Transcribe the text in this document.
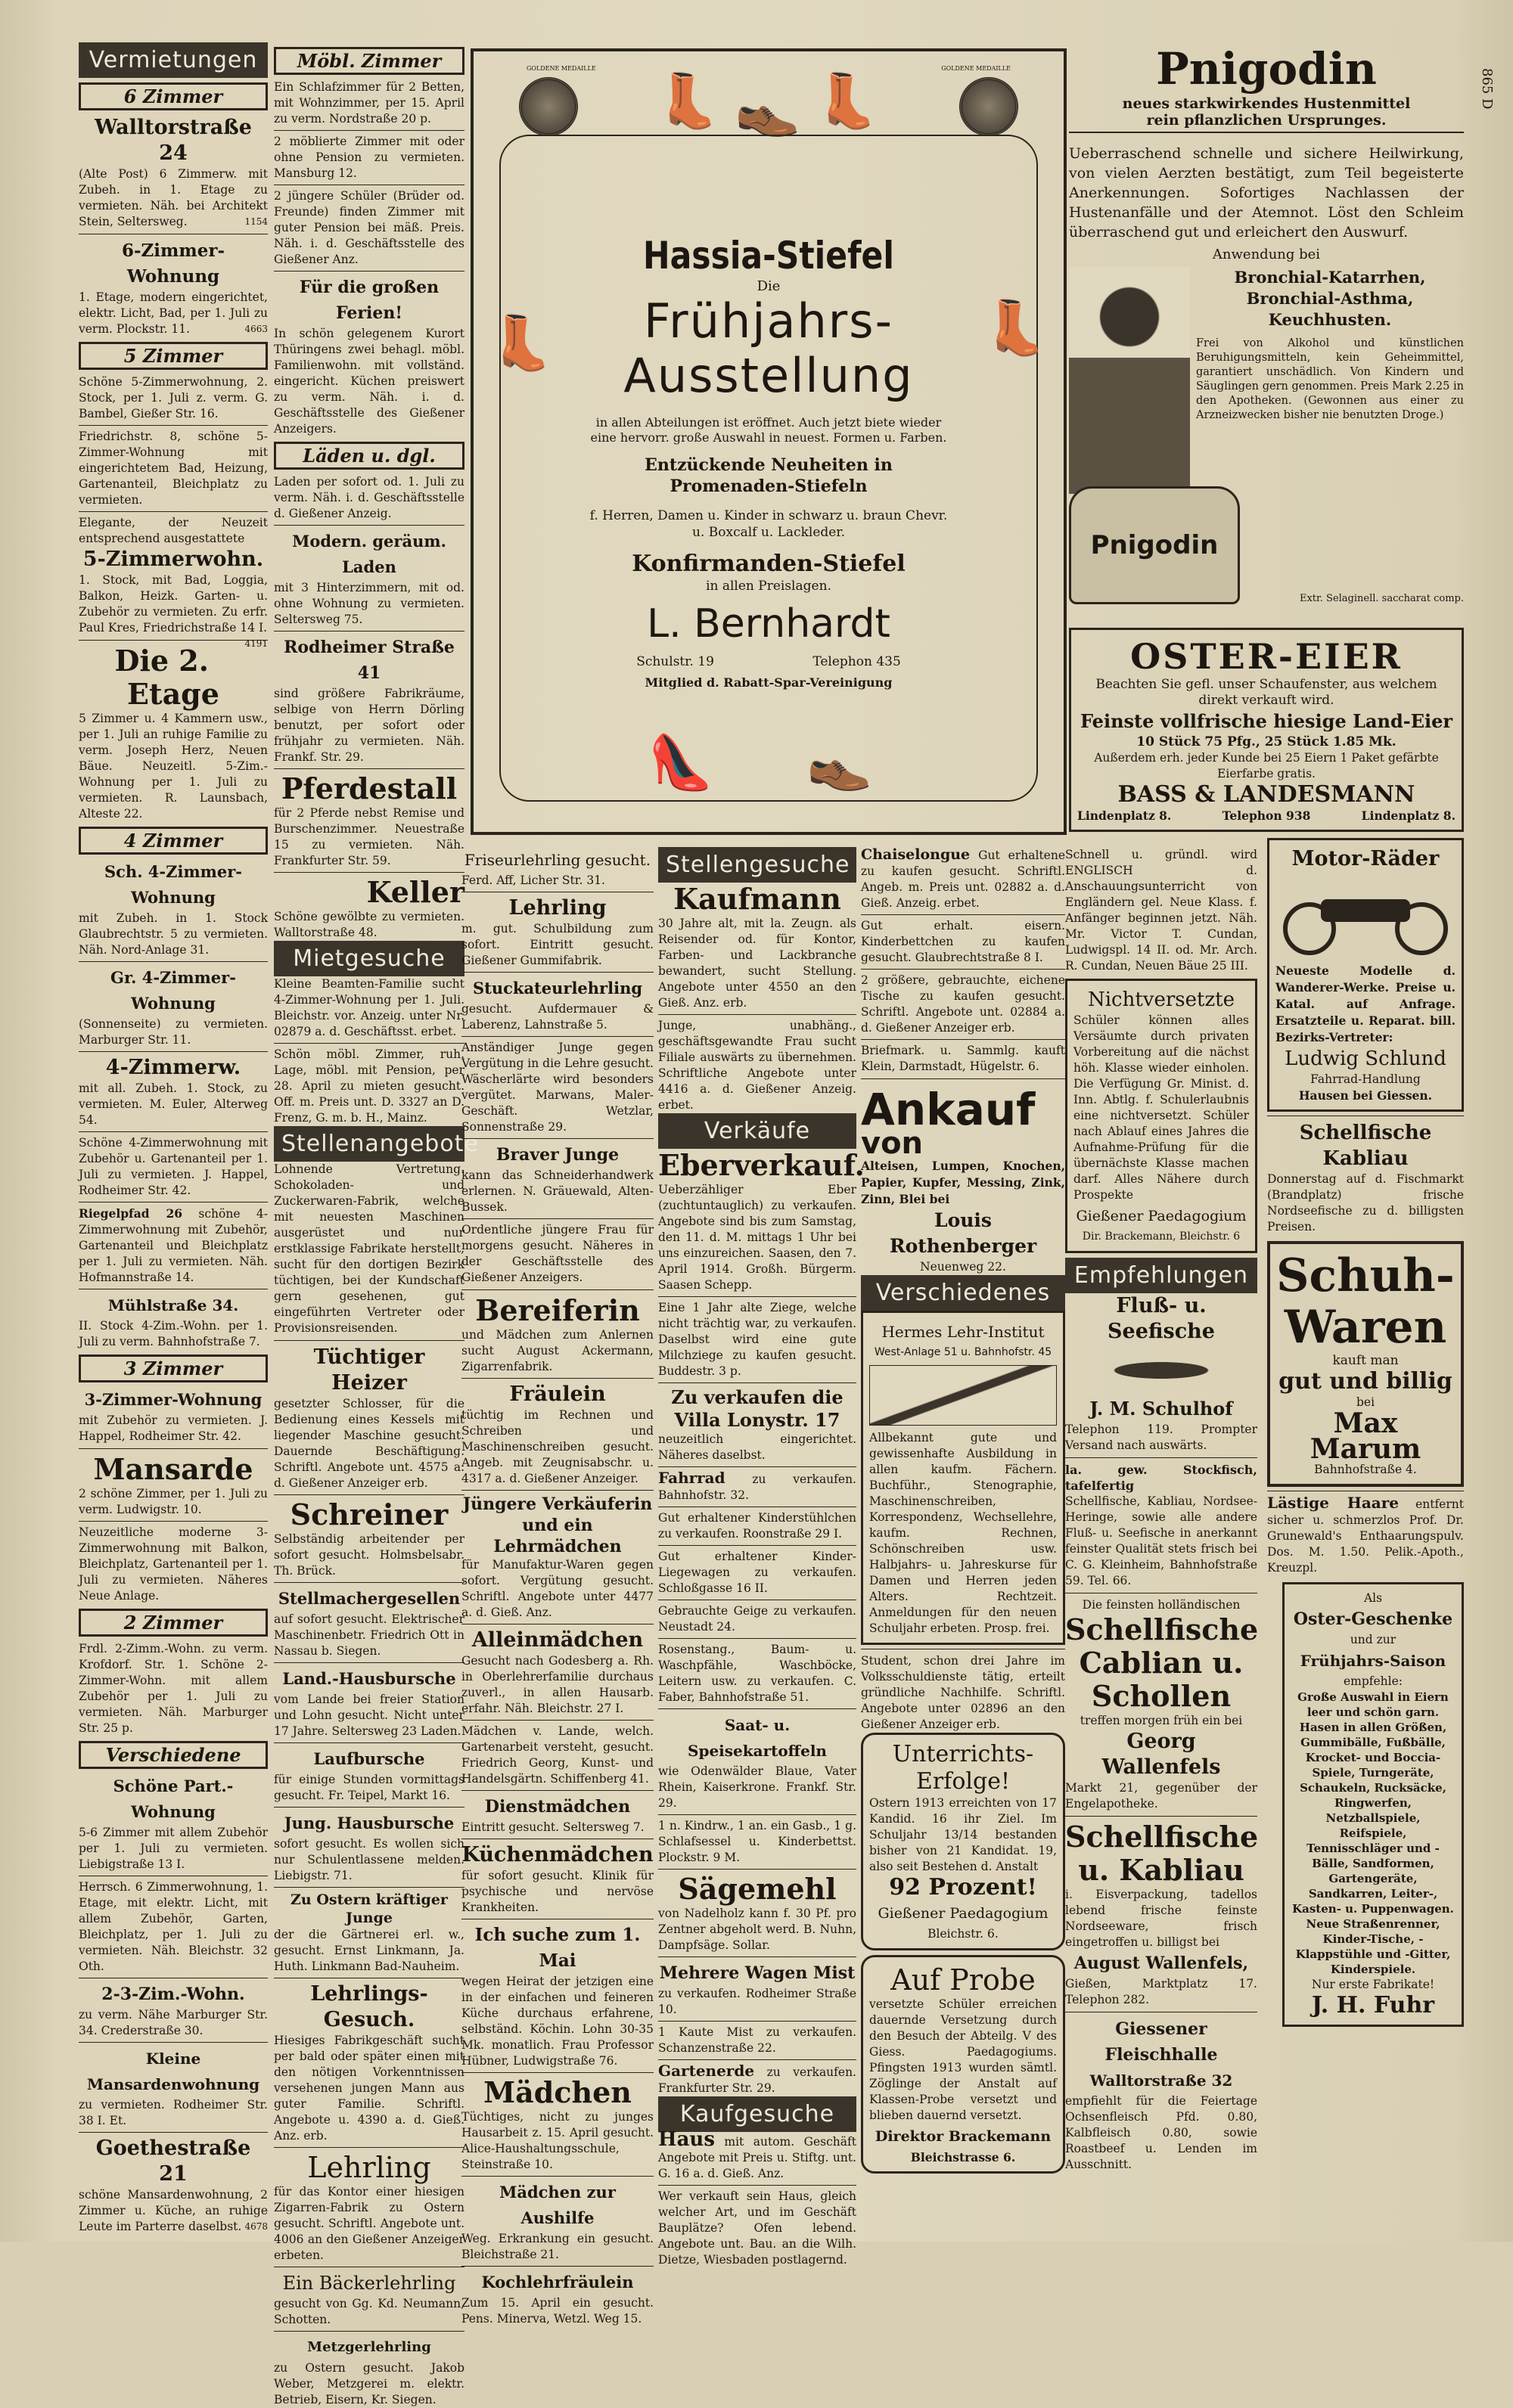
Vermietungen
6 Zimmer
Walltorstraße 24
(Alte Post) 6 Zimmerw. mit Zubeh. in 1. Etage zu vermieten. Näh. bei Architekt Stein, Seltersweg.	1154
6-Zimmer-Wohnung
1. Etage, modern eingerichtet, elektr. Licht, Bad, per 1. Juli zu verm. Plockstr. 11.	4663
5 Zimmer
Schöne 5-Zimmerwohnung, 2. Stock, per 1. Juli z. verm. G. Bambel, Gießer Str. 16.
Friedrichstr. 8, schöne 5-Zimmer-Wohnung mit eingerichtetem Bad, Heizung, Gartenanteil, Bleichplatz zu vermieten.
Elegante, der Neuzeit entsprechend ausgestattete
5-Zimmerwohn.
1. Stock, mit Bad, Loggia, Balkon, Heizk. Garten- u. Zubehör zu vermieten. Zu erfr. Paul Kres, Friedrichstraße 14 I.
4191
Die 2. Etage
5 Zimmer u. 4 Kammern usw., per 1. Juli an ruhige Familie zu verm. Joseph Herz, Neuen Bäue. Neuzeitl. 5-Zim.-Wohnung per 1. Juli zu vermieten. R. Launsbach, Alteste 22.
4 Zimmer
Sch. 4-Zimmer-Wohnung
mit Zubeh. in 1. Stock Glaubrechtstr. 5 zu vermieten. Näh. Nord-Anlage 31.
Gr. 4-Zimmer-Wohnung
(Sonnenseite) zu vermieten. Marburger Str. 11.
4-Zimmerw.
mit all. Zubeh. 1. Stock, zu vermieten. M. Euler, Alterweg 54.
Schöne 4-Zimmerwohnung mit Zubehör u. Gartenanteil per 1. Juli zu vermieten. J. Happel, Rodheimer Str. 42.
Riegelpfad 26 schöne 4-Zimmerwohnung mit Zubehör, Gartenanteil und Bleichplatz per 1. Juli zu vermieten. Näh. Hofmannstraße 14.
Mühlstraße 34.
II. Stock 4-Zim.-Wohn. per 1. Juli zu verm. Bahnhofstraße 7.
3 Zimmer
3-Zimmer-Wohnung
mit Zubehör zu vermieten. J. Happel, Rodheimer Str. 42.
Mansarde
2 schöne Zimmer, per 1. Juli zu verm. Ludwigstr. 10.
Neuzeitliche moderne 3-Zimmerwohnung mit Balkon, Bleichplatz, Gartenanteil per 1. Juli zu vermieten. Näheres Neue Anlage.
2 Zimmer
Frdl. 2-Zimm.-Wohn. zu verm. Krofdorf. Str. 1. Schöne 2-Zimmer-Wohn. mit allem Zubehör per 1. Juli zu vermieten. Näh. Marburger Str. 25 p.
Verschiedene
Schöne Part.-Wohnung
5-6 Zimmer mit allem Zubehör per 1. Juli zu vermieten. Liebigstraße 13 I.
Herrsch. 6 Zimmerwohnung, 1. Etage, mit elektr. Licht, mit allem Zubehör, Garten, Bleichplatz, per 1. Juli zu vermieten. Näh. Bleichstr. 32 Oth.
2-3-Zim.-Wohn.
zu verm. Nähe Marburger Str. 34. Crederstraße 30.
Kleine Mansardenwohnung
zu vermieten. Rodheimer Str. 38 I. Et.
Goethestraße 21
schöne Mansardenwohnung, 2 Zimmer u. Küche, an ruhige Leute im Parterre daselbst. 4678
Möbl. Zimmer
Ein Schlafzimmer für 2 Betten, mit Wohnzimmer, per 15. April zu verm. Nordstraße 20 p.
2 möblierte Zimmer mit oder ohne Pension zu vermieten. Mansburg 12.
2 jüngere Schüler (Brüder od. Freunde) finden Zimmer mit guter Pension bei mäß. Preis. Näh. i. d. Geschäftsstelle des Gießener Anz.
Für die großen Ferien!
In schön gelegenem Kurort Thüringens zwei behagl. möbl. Familienwohn. mit vollständ. eingericht. Küchen preiswert zu verm. Näh. i. d. Geschäftsstelle des Gießener Anzeigers.
Läden u. dgl.
Laden per sofort od. 1. Juli zu verm. Näh. i. d. Geschäftsstelle d. Gießener Anzeig.
Modern. geräum. Laden
mit 3 Hinterzimmern, mit od. ohne Wohnung zu vermieten. Seltersweg 75.
Rodheimer Straße 41
sind größere Fabrikräume, selbige von Herrn Dörling benutzt, per sofort oder frühjahr zu vermieten. Näh. Frankf. Str. 29.
Pferdestall
für 2 Pferde nebst Remise und Burschenzimmer. Neuestraße 15 zu vermieten. Näh. Frankfurter Str. 59.
Keller
Schöne gewölbte zu vermieten. Walltorstraße 48.
Mietgesuche
Kleine Beamten-Familie sucht 4-Zimmer-Wohnung per 1. Juli. Bleichstr. vor. Anzeig. unter Nr. 02879 a. d. Geschäftsst. erbet.
Schön möbl. Zimmer, ruh. Lage, möbl. mit Pension, per 28. April zu mieten gesucht. Off. m. Preis unt. D. 3327 an D. Frenz, G. m. b. H., Mainz.
Stellenangebote
Lohnende Vertretung. Schokoladen- und Zuckerwaren-Fabrik, welche mit neuesten Maschinen ausgerüstet und nur erstklassige Fabrikate herstellt, sucht für den dortigen Bezirk tüchtigen, bei der Kundschaft gern gesehenen, gut eingeführten Vertreter oder Provisionsreisenden.
Tüchtiger Heizer
gesetzter Schlosser, für die Bedienung eines Kessels mit liegender Maschine gesucht. Dauernde Beschäftigung. Schriftl. Angebote unt. 4575 a. d. Gießener Anzeiger erb.
Schreiner
Selbständig arbeitender per sofort gesucht. Holmsbelsabr. Th. Brück.
Stellmachergesellen
auf sofort gesucht. Elektrischer Maschinenbetr. Friedrich Ott in Nassau b. Siegen.
Land.-Hausbursche
vom Lande bei freier Station und Lohn gesucht. Nicht unter 17 Jahre. Seltersweg 23 Laden.
Laufbursche
für einige Stunden vormittags gesucht. Fr. Teipel, Markt 16.
Jung. Hausbursche
sofort gesucht. Es wollen sich nur Schulentlassene melden. Liebigstr. 71.
Zu Ostern kräftiger Junge
der die Gärtnerei erl. w., gesucht. Ernst Linkmann, Ja. Huth. Linkmann Bad-Nauheim.
Lehrlings-Gesuch.
Hiesiges Fabrikgeschäft sucht per bald oder später einen mit den nötigen Vorkenntnissen versehenen jungen Mann aus guter Familie. Schriftl. Angebote u. 4390 a. d. Gieß. Anz. erb.
Lehrling
für das Kontor einer hiesigen Zigarren-Fabrik zu Ostern gesucht. Schriftl. Angebote unt. 4006 an den Gießener Anzeiger erbeten.
Ein Bäckerlehrling
gesucht von Gg. Kd. Neumann, Schotten.
Metzgerlehrling
zu Ostern gesucht. Jakob Weber, Metzgerei m. elektr. Betrieb, Eisern, Kr. Siegen.
GOLDENE MEDAILLE	GOLDENE MEDAILLE
👢 👞 👢
👢	👢
👠 👞
Hassia-Stiefel
Die
Frühjahrs-
Ausstellung
in allen Abteilungen ist eröffnet. Auch jetzt biete wieder eine hervorr. große Auswahl in neuest. Formen u. Farben.
Entzückende Neuheiten in Promenaden-Stiefeln
f. Herren, Damen u. Kinder in schwarz u. braun Chevr. u. Boxcalf u. Lackleder.
Konfirmanden-Stiefel
in allen Preislagen.
L. Bernhardt
Schulstr. 19	Telephon 435
Mitglied d. Rabatt-Spar-Vereinigung
Friseurlehrling gesucht.
Ferd. Aff, Licher Str. 31.
Lehrling
m. gut. Schulbildung zum sofort. Eintritt gesucht. Gießener Gummifabrik.
Stuckateurlehrling
gesucht. Aufdermauer & Laberenz, Lahnstraße 5.
Anständiger Junge gegen Vergütung in die Lehre gesucht. Wäscherlärte wird besonders vergütet. Marwans, Maler-Geschäft. Wetzlar, Sonnenstraße 29.
Braver Junge
kann das Schneiderhandwerk erlernen. N. Gräuewald, Alten-Bussek.
Ordentliche jüngere Frau für morgens gesucht. Näheres in der Geschäftsstelle des Gießener Anzeigers.
Bereiferin
und Mädchen zum Anlernen sucht August Ackermann, Zigarrenfabrik.
Fräulein
tüchtig im Rechnen und Schreiben und Maschinenschreiben gesucht. Angeb. mit Zeugnisabschr. u. 4317 a. d. Gießener Anzeiger.
Jüngere Verkäuferin und ein Lehrmädchen
für Manufaktur-Waren gegen sofort. Vergütung gesucht. Schriftl. Angebote unter 4477 a. d. Gieß. Anz.
Alleinmädchen
Gesucht nach Godesberg a. Rh. in Oberlehrerfamilie durchaus zuverl., in allen Hausarb. erfahr. Näh. Bleichstr. 27 I.
Mädchen v. Lande, welch. Gartenarbeit versteht, gesucht. Friedrich Georg, Kunst- und Handelsgärtn. Schiffenberg 41.
Dienstmädchen
Eintritt gesucht. Seltersweg 7.
Küchenmädchen
für sofort gesucht. Klinik für psychische und nervöse Krankheiten.
Ich suche zum 1. Mai
wegen Heirat der jetzigen eine in der einfachen und feineren Küche durchaus erfahrene, selbständ. Köchin. Lohn 30-35 Mk. monatlich. Frau Professor Hübner, Ludwigstraße 76.
Mädchen
Tüchtiges, nicht zu junges Hausarbeit z. 15. April gesucht. Alice-Haushaltungsschule, Steinstraße 10.
Mädchen zur Aushilfe
Weg. Erkrankung ein gesucht. Bleichstraße 21.
Kochlehrfräulein
Zum 15. April ein gesucht. Pens. Minerva, Wetzl. Weg 15.
Stellengesuche
Kaufmann
30 Jahre alt, mit la. Zeugn. als Reisender od. für Kontor, Farben- und Lackbranche bewandert, sucht Stellung. Angebote unter 4550 an den Gieß. Anz. erb.
Junge, unabhäng., geschäftsgewandte Frau sucht Filiale auswärts zu übernehmen. Schriftliche Angebote unter 4416 a. d. Gießener Anzeig. erbet.
Verkäufe
Eberverkauf.
Ueberzähliger Eber (zuchtuntauglich) zu verkaufen. Angebote sind bis zum Samstag, den 11. d. M. mittags 1 Uhr bei uns einzureichen. Saasen, den 7. April 1914. Großh. Bürgerm. Saasen Schepp.
Eine 1 Jahr alte Ziege, welche nicht trächtig war, zu verkaufen. Daselbst wird eine gute Milchziege zu kaufen gesucht. Buddestr. 3 p.
Zu verkaufen die Villa Lonystr. 17
neuzeitlich eingerichtet. Näheres daselbst.
Fahrrad zu verkaufen. Bahnhofstr. 32.
Gut erhaltener Kinderstühlchen zu verkaufen. Roonstraße 29 I.
Gut erhaltener Kinder-Liegewagen zu verkaufen. Schloßgasse 16 II.
Gebrauchte Geige zu verkaufen. Neustadt 24.
Rosenstang., Baum- u. Waschpfähle, Waschböcke, Leitern usw. zu verkaufen. C. Faber, Bahnhofstraße 51.
Saat- u. Speisekartoffeln
wie Odenwälder Blaue, Vater Rhein, Kaiserkrone. Frankf. Str. 29.
1 n. Kindrw., 1 an. ein Gasb., 1 g. Schlafsessel u. Kinderbettst. Plockstr. 9 M.
Sägemehl
von Nadelholz kann f. 30 Pf. pro Zentner abgeholt werd. B. Nuhn, Dampfsäge. Sollar.
Mehrere Wagen Mist
zu verkaufen. Rodheimer Straße 10.
1 Kaute Mist zu verkaufen. Schanzenstraße 22.
Gartenerde zu verkaufen. Frankfurter Str. 29.
Kaufgesuche
Haus mit autom. Geschäft Angebote mit Preis u. Stiftg. unt. G. 16 a. d. Gieß. Anz.
Wer verkauft sein Haus, gleich welcher Art, und im Geschäft Bauplätze? Ofen lebend. Angebote unt. Bau. an die Wilh. Dietze, Wiesbaden postlagernd.
Chaiselongue Gut erhaltene zu kaufen gesucht. Schriftl. Angeb. m. Preis unt. 02882 a. d. Gieß. Anzeig. erbet.
Gut erhalt. eisern. Kinderbettchen zu kaufen gesucht. Glaubrechtstraße 8 I.
2 größere, gebrauchte, eichene Tische zu kaufen gesucht. Schriftl. Angebote unt. 02884 a. d. Gießener Anzeiger erb.
Briefmark. u. Sammlg. kauft Klein, Darmstadt, Hügelstr. 6.
Ankauf von
Alteisen, Lumpen, Knochen, Papier, Kupfer, Messing, Zink, Zinn, Blei bei
Louis Rothenberger
Neuenweg 22.
Verschiedenes
Hermes Lehr-Institut
West-Anlage 51 u. Bahnhofstr. 45
Allbekannt gute und gewissenhafte Ausbildung in allen kaufm. Fächern. Buchführ., Stenographie, Maschinenschreiben, Korrespondenz, Wechsellehre, kaufm. Rechnen, Schönschreiben usw. Halbjahrs- u. Jahreskurse für Damen und Herren jeden Alters. Rechtzeit. Anmeldungen für den neuen Schuljahr erbeten. Prosp. frei.
Student, schon drei Jahre im Volksschuldienste tätig, erteilt gründliche Nachhilfe. Schriftl. Angebote unter 02896 an den Gießener Anzeiger erb.
Unterrichts-Erfolge!
Ostern 1913 erreichten von 17 Kandid. 16 ihr Ziel. Im Schuljahr 13/14 bestanden bisher von 21 Kandidat. 19, also seit Bestehen d. Anstalt
92 Prozent!
Gießener Paedagogium
Bleichstr. 6.
Auf Probe
versetzte Schüler erreichen dauernde Versetzung durch den Besuch der Abteilg. V des Giess. Paedagogiums. Pfingsten 1913 wurden sämtl. Zöglinge der Anstalt auf Klassen-Probe versetzt und blieben dauernd versetzt.
Direktor Brackemann
Bleichstrasse 6.
Schnell u. gründl. wird ENGLISCH d. Anschauungsunterricht von Engländern gel. Neue Klass. f. Anfänger beginnen jetzt. Näh. Mr. Victor T. Cundan, Ludwigspl. 14 II. od. Mr. Arch. R. Cundan, Neuen Bäue 25 III.
Nichtversetzte
Schüler können alles Versäumte durch privaten Vorbereitung auf die nächst höh. Klasse wieder einholen. Die Verfügung Gr. Minist. d. Inn. Abtlg. f. Schulerlaubnis eine nichtversetzt. Schüler nach Ablauf eines Jahres die Aufnahme-Prüfung für die übernächste Klasse machen darf. Alles Nähere durch Prospekte
Gießener Paedagogium
Dir. Brackemann, Bleichstr. 6
Empfehlungen
Fluß- u. Seefische
J. M. Schulhof
Telephon 119. Prompter Versand nach auswärts.
la. gew. Stockfisch, tafelfertig
Schellfische, Kabliau, Nordsee-Heringe, sowie alle andere Fluß- u. Seefische in anerkannt feinster Qualität stets frisch bei C. G. Kleinheim, Bahnhofstraße 59. Tel. 66.
Die feinsten holländischen
Schellfische
Cablian u.
Schollen
treffen morgen früh ein bei
Georg Wallenfels
Markt 21, gegenüber der Engelapotheke.
Schellfische
u. Kabliau
i. Eisverpackung, tadellos lebend frische feinste Nordseeware, frisch eingetroffen u. billigst bei
August Wallenfels,
Gießen, Marktplatz 17. Telephon 282.
Giessener Fleischhalle
Walltorstraße 32
empfiehlt für die Feiertage Ochsenfleisch Pfd. 0.80, Kalbfleisch 0.80, sowie Roastbeef u. Lenden im Ausschnitt.
Pnigodin
neues starkwirkendes Hustenmittel
rein pflanzlichen Ursprunges.
Ueberraschend schnelle und sichere Heilwirkung, von vielen Aerzten bestätigt, zum Teil begeisterte Anerkennungen. Sofortiges Nachlassen der Hustenanfälle und der Atemnot. Löst den Schleim überraschend gut und erleichert den Auswurf.
Anwendung bei
Bronchial-Katarrhen, Bronchial-Asthma, Keuchhusten.
Frei von Alkohol und künstlichen Beruhigungsmitteln, kein Geheimmittel, garantiert unschädlich. Von Kindern und Säuglingen gern genommen. Preis Mark 2.25 in den Apotheken. (Gewonnen aus einer zu Arzneizwecken bisher nie benutzten Droge.)
Pnigodin
Extr. Selaginell. saccharat comp.
865 D
OSTER-EIER
Beachten Sie gefl. unser Schaufenster, aus welchem direkt verkauft wird.
Feinste vollfrische hiesige Land-Eier
10 Stück 75 Pfg., 25 Stück 1.85 Mk.
Außerdem erh. jeder Kunde bei 25 Eiern 1 Paket gefärbte Eierfarbe gratis.
BASS & LANDESMANN
Lindenplatz 8.	Telephon 938	Lindenplatz 8.
Motor-Räder
Neueste Modelle d. Wanderer-Werke. Preise u. Katal. auf Anfrage. Ersatzteile u. Reparat. bill. Bezirks-Vertreter:
Ludwig Schlund
Fahrrad-Handlung
Hausen bei Giessen.
Schellfische Kabliau
Donnerstag auf d. Fischmarkt (Brandplatz) frische Nordseefische zu d. billigsten Preisen.
Schuh-
Waren
kauft man
gut und billig
bei
Max Marum
Bahnhofstraße 4.
Lästige Haare entfernt sicher u. schmerzlos Prof. Dr. Grunewald's Enthaarungspulv. Dos. M. 1.50. Pelik.-Apoth., Kreuzpl.
Als
Oster-Geschenke
und zur
Frühjahrs-Saison
empfehle:
Große Auswahl in Eiern leer und schön garn. Hasen in allen Größen, Gummibälle, Fußbälle, Krocket- und Boccia-Spiele, Turngeräte, Schaukeln, Rucksäcke, Ringwerfen, Netzballspiele, Reifspiele, Tennisschläger und -Bälle, Sandformen, Gartengeräte, Sandkarren, Leiter-, Kasten- u. Puppenwagen. Neue Straßenrenner, Kinder-Tische, -Klappstühle und -Gitter, Kinderspiele.
Nur erste Fabrikate!
J. H. Fuhr
